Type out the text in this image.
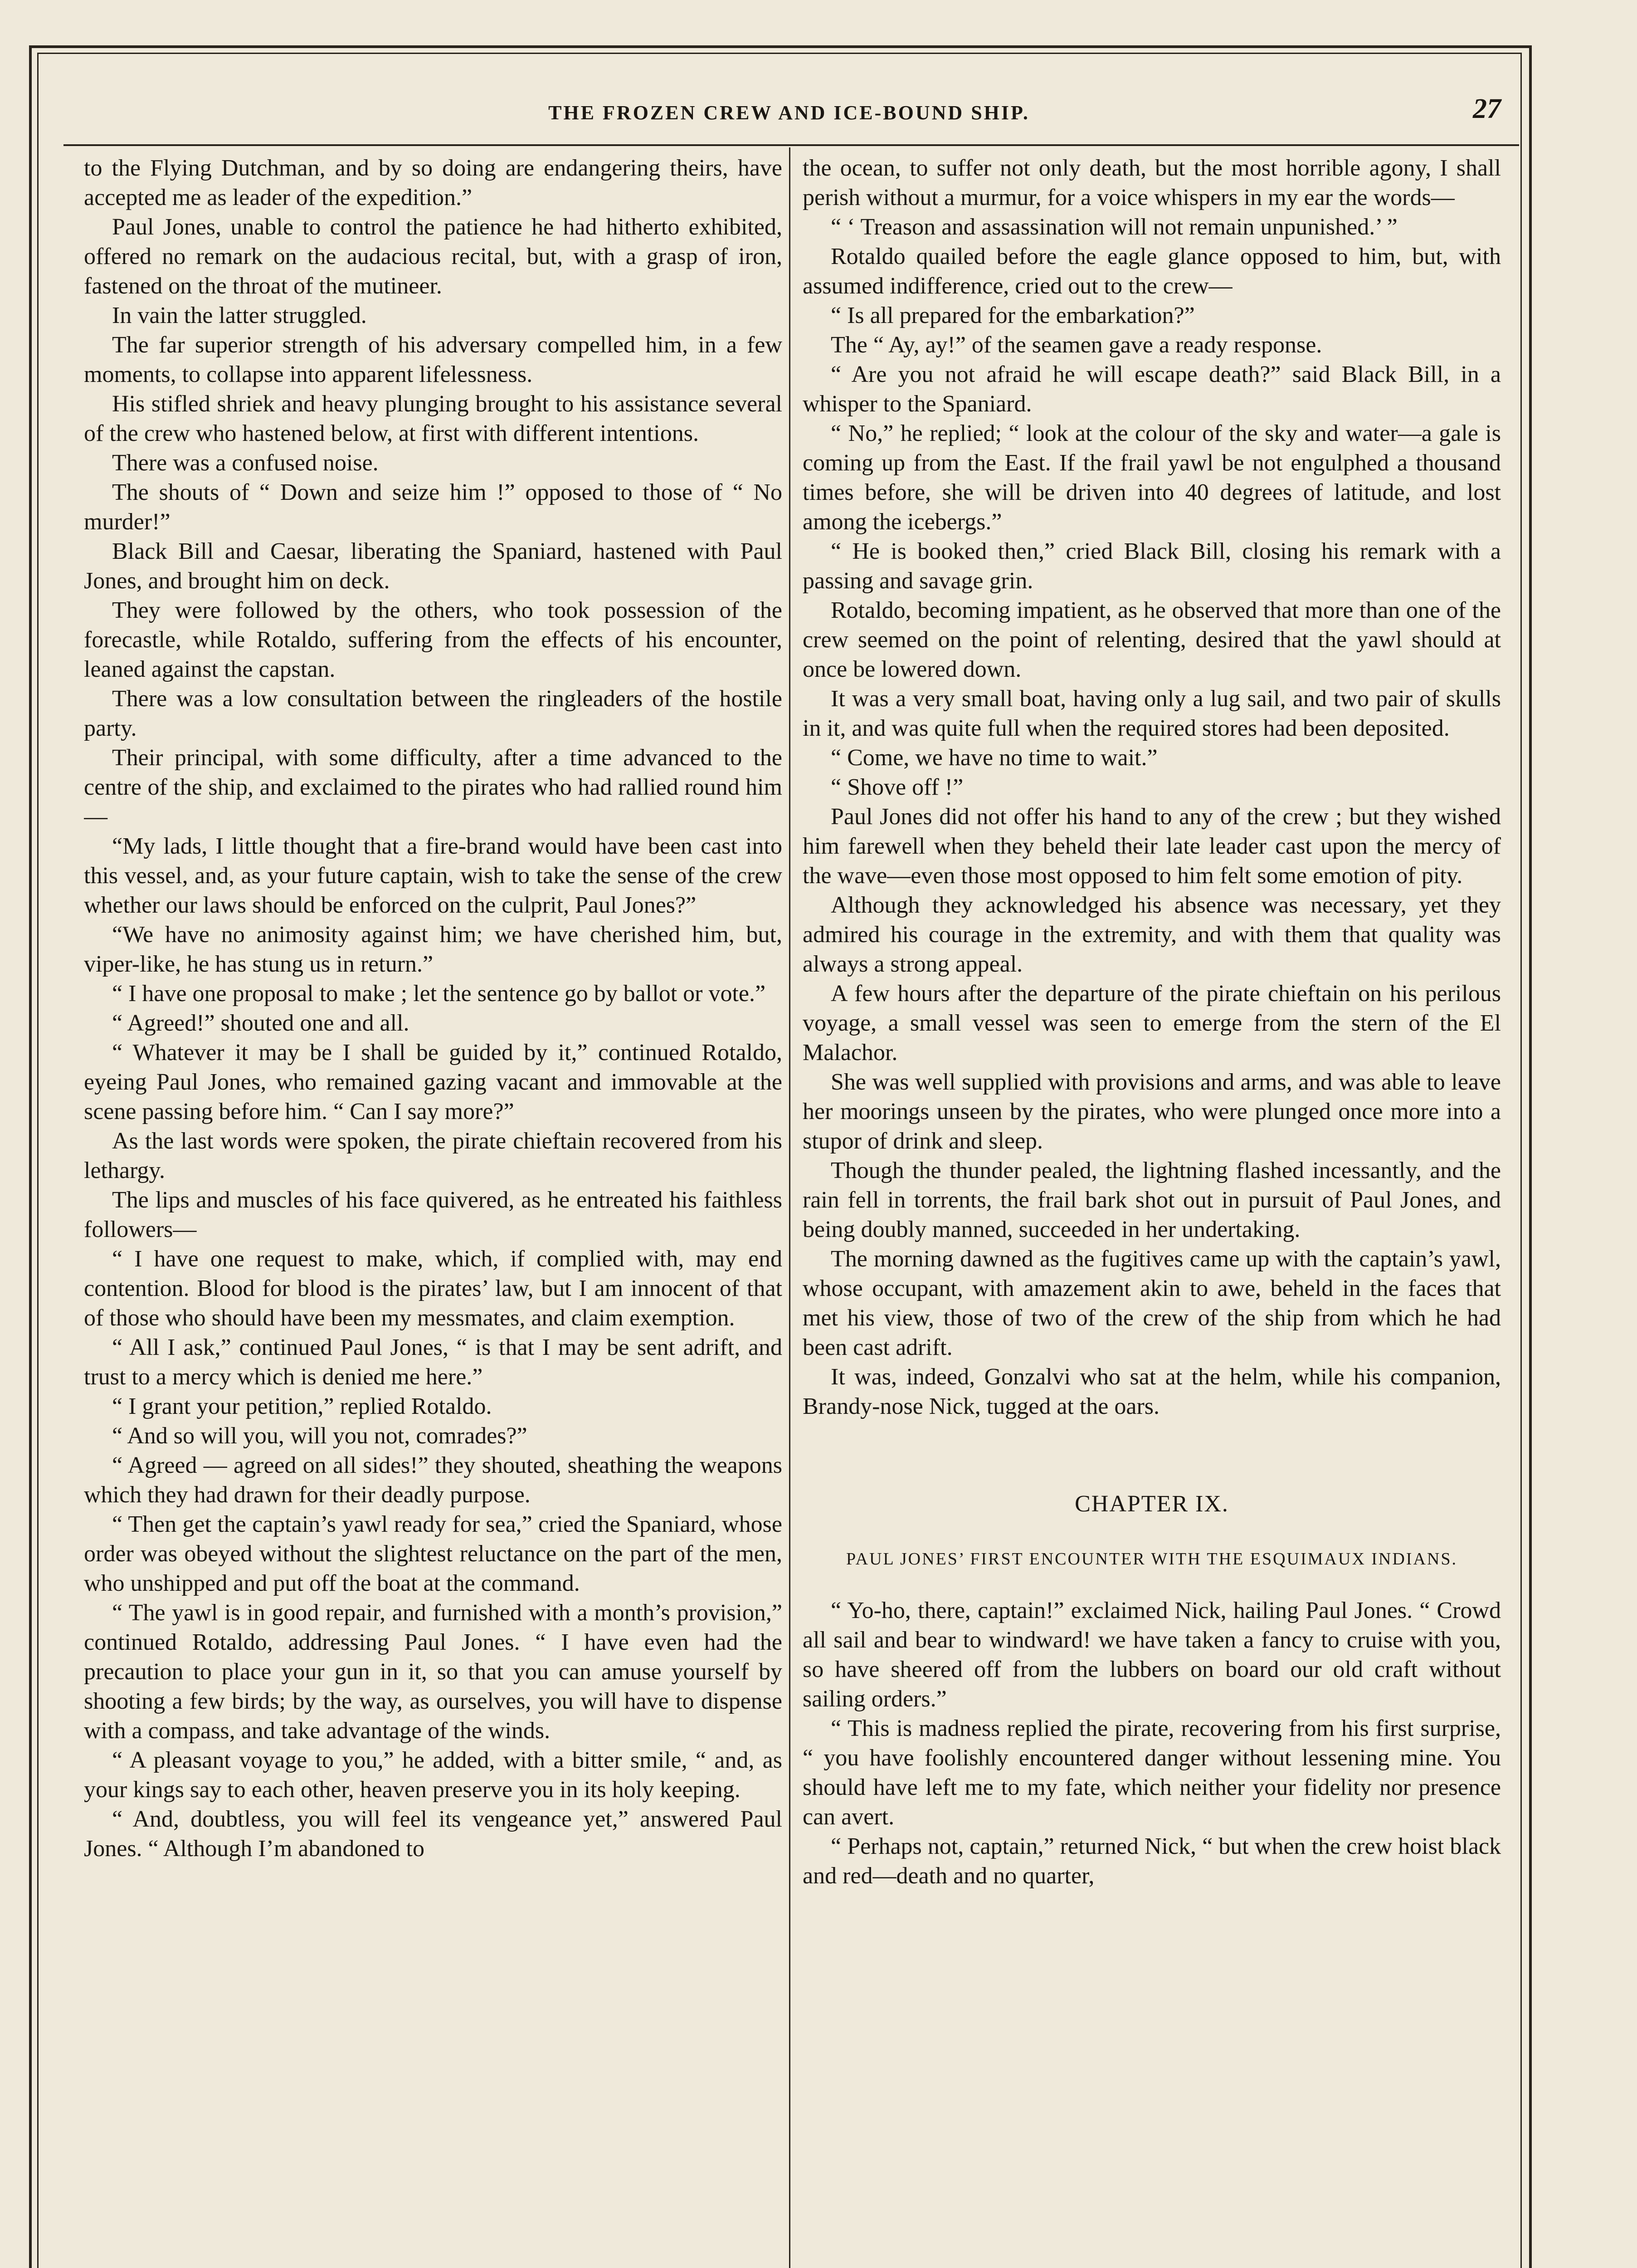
THE FROZEN CREW AND ICE-BOUND SHIP.	27

to the Flying Dutchman, and by so doing are endangering theirs, have accepted me as leader of the expedition.”

Paul Jones, unable to control the patience he had hitherto exhibited, offered no remark on the audacious recital, but, with a grasp of iron, fastened on the throat of the mutineer.

In vain the latter struggled.

The far superior strength of his adversary compelled him, in a few moments, to collapse into apparent lifelessness.

His stifled shriek and heavy plunging brought to his assistance several of the crew who hastened below, at first with different intentions.

There was a confused noise.

The shouts of “ Down and seize him !” opposed to those of “ No murder!”

Black Bill and Caesar, liberating the Spaniard, hastened with Paul Jones, and brought him on deck.

They were followed by the others, who took possession of the forecastle, while Rotaldo, suffering from the effects of his encounter, leaned against the capstan.

There was a low consultation between the ringleaders of the hostile party.

Their principal, with some difficulty, after a time advanced to the centre of the ship, and exclaimed to the pirates who had rallied round him—

“My lads, I little thought that a fire-brand would have been cast into this vessel, and, as your future captain, wish to take the sense of the crew whether our laws should be enforced on the culprit, Paul Jones?”

“We have no animosity against him; we have cherished him, but, viper-like, he has stung us in return.”

“ I have one proposal to make ; let the sentence go by ballot or vote.”

“ Agreed!” shouted one and all.

“ Whatever it may be I shall be guided by it,” continued Rotaldo, eyeing Paul Jones, who remained gazing vacant and immovable at the scene passing before him. “ Can I say more?”

As the last words were spoken, the pirate chieftain recovered from his lethargy.

The lips and muscles of his face quivered, as he entreated his faithless followers—

“ I have one request to make, which, if complied with, may end contention. Blood for blood is the pirates’ law, but I am innocent of that of those who should have been my messmates, and claim exemption.

“ All I ask,” continued Paul Jones, “ is that I may be sent adrift, and trust to a mercy which is denied me here.”

“ I grant your petition,” replied Rotaldo.

“ And so will you, will you not, comrades?”

“ Agreed — agreed on all sides!” they shouted, sheathing the weapons which they had drawn for their deadly purpose.

“ Then get the captain’s yawl ready for sea,” cried the Spaniard, whose order was obeyed without the slightest reluctance on the part of the men, who unshipped and put off the boat at the command.

“ The yawl is in good repair, and furnished with a month’s provision,” continued Rotaldo, addressing Paul Jones. “ I have even had the precaution to place your gun in it, so that you can amuse yourself by shooting a few birds; by the way, as ourselves, you will have to dispense with a compass, and take advantage of the winds.

“ A pleasant voyage to you,” he added, with a bitter smile, “ and, as your kings say to each other, heaven preserve you in its holy keeping.

“ And, doubtless, you will feel its vengeance yet,” answered Paul Jones. “ Although I’m abandoned to

the ocean, to suffer not only death, but the most horrible agony, I shall perish without a murmur, for a voice whispers in my ear the words—

“ ‘ Treason and assassination will not remain unpunished.’ ”

Rotaldo quailed before the eagle glance opposed to him, but, with assumed indifference, cried out to the crew—

“ Is all prepared for the embarkation?”

The “ Ay, ay!” of the seamen gave a ready response.

“ Are you not afraid he will escape death?” said Black Bill, in a whisper to the Spaniard.

“ No,” he replied; “ look at the colour of the sky and water—a gale is coming up from the East. If the frail yawl be not engulphed a thousand times before, she will be driven into 40 degrees of latitude, and lost among the icebergs.”

“ He is booked then,” cried Black Bill, closing his remark with a passing and savage grin.

Rotaldo, becoming impatient, as he observed that more than one of the crew seemed on the point of relenting, desired that the yawl should at once be lowered down.

It was a very small boat, having only a lug sail, and two pair of skulls in it, and was quite full when the required stores had been deposited.

“ Come, we have no time to wait.”

“ Shove off !”

Paul Jones did not offer his hand to any of the crew ; but they wished him farewell when they beheld their late leader cast upon the mercy of the wave—even those most opposed to him felt some emotion of pity.

Although they acknowledged his absence was necessary, yet they admired his courage in the extremity, and with them that quality was always a strong appeal.

A few hours after the departure of the pirate chieftain on his perilous voyage, a small vessel was seen to emerge from the stern of the El Malachor.

She was well supplied with provisions and arms, and was able to leave her moorings unseen by the pirates, who were plunged once more into a stupor of drink and sleep.

Though the thunder pealed, the lightning flashed incessantly, and the rain fell in torrents, the frail bark shot out in pursuit of Paul Jones, and being doubly manned, succeeded in her undertaking.

The morning dawned as the fugitives came up with the captain’s yawl, whose occupant, with amazement akin to awe, beheld in the faces that met his view, those of two of the crew of the ship from which he had been cast adrift.

It was, indeed, Gonzalvi who sat at the helm, while his companion, Brandy-nose Nick, tugged at the oars.

CHAPTER IX.
PAUL JONES’ FIRST ENCOUNTER WITH THE ESQUIMAUX INDIANS.

“ Yo-ho, there, captain!” exclaimed Nick, hailing Paul Jones. “ Crowd all sail and bear to windward! we have taken a fancy to cruise with you, so have sheered off from the lubbers on board our old craft without sailing orders.”

“ This is madness replied the pirate, recovering from his first surprise, “ you have foolishly encountered danger without lessening mine. You should have left me to my fate, which neither your fidelity nor presence can avert.

“ Perhaps not, captain,” returned Nick, “ but when the crew hoist black and red—death and no quarter,
